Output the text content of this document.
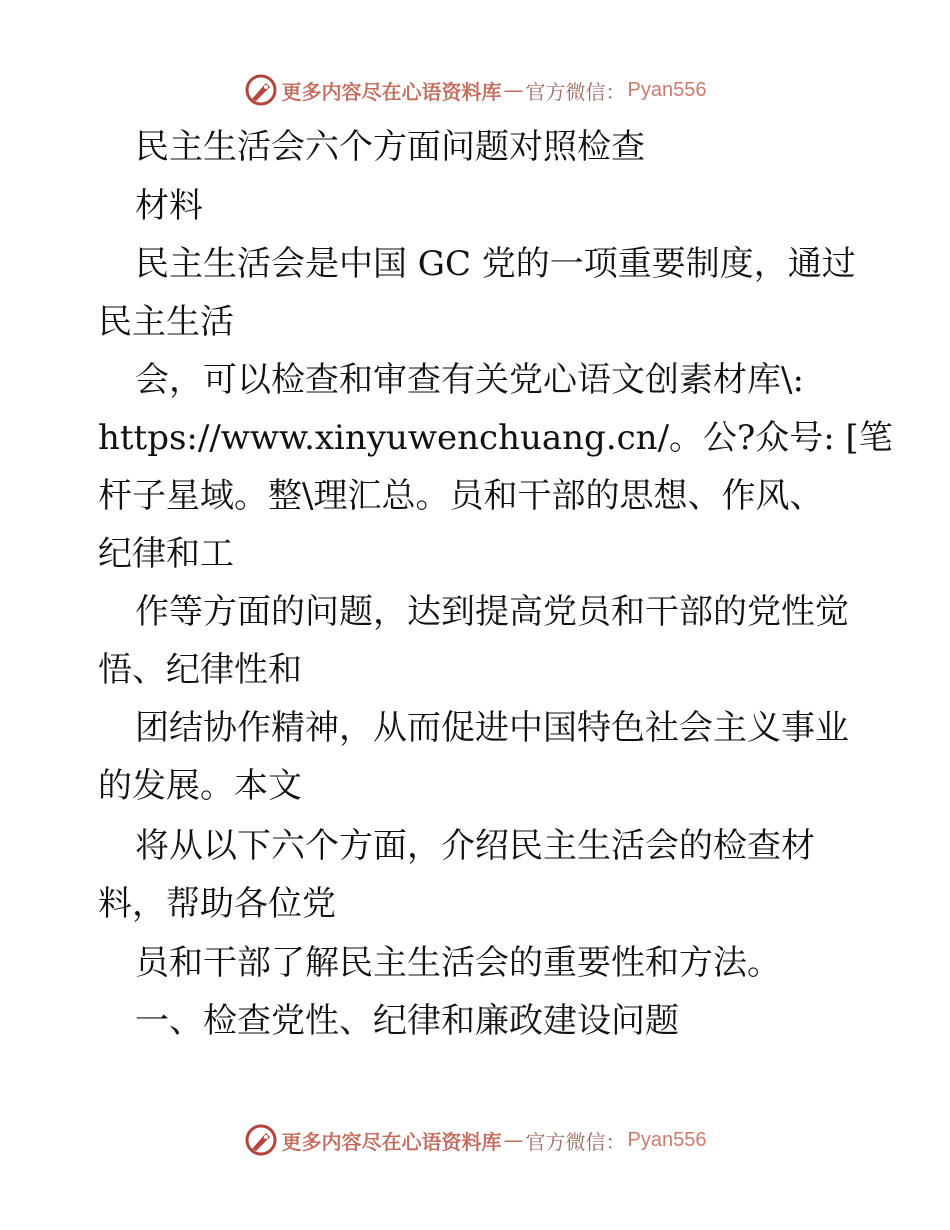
更多内容尽在心语资料库 — 官方微信： Pyan556
民主生活会六个方面问题对照检查
材料
民主生活会是中国 GC 党的一项重要制度，通过
民主生活
会，可以检查和审查有关党心语文创素材库\:
https://www.xinyuwenchuang.cn/。公?众号: [笔
杆子星域。整\理汇总。员和干部的思想、作风、
纪律和工
作等方面的问题，达到提高党员和干部的党性觉
悟、纪律性和
团结协作精神，从而促进中国特色社会主义事业
的发展。本文
将从以下六个方面，介绍民主生活会的检查材
料，帮助各位党
员和干部了解民主生活会的重要性和方法。
一、检查党性、纪律和廉政建设问题
更多内容尽在心语资料库 — 官方微信： Pyan556
